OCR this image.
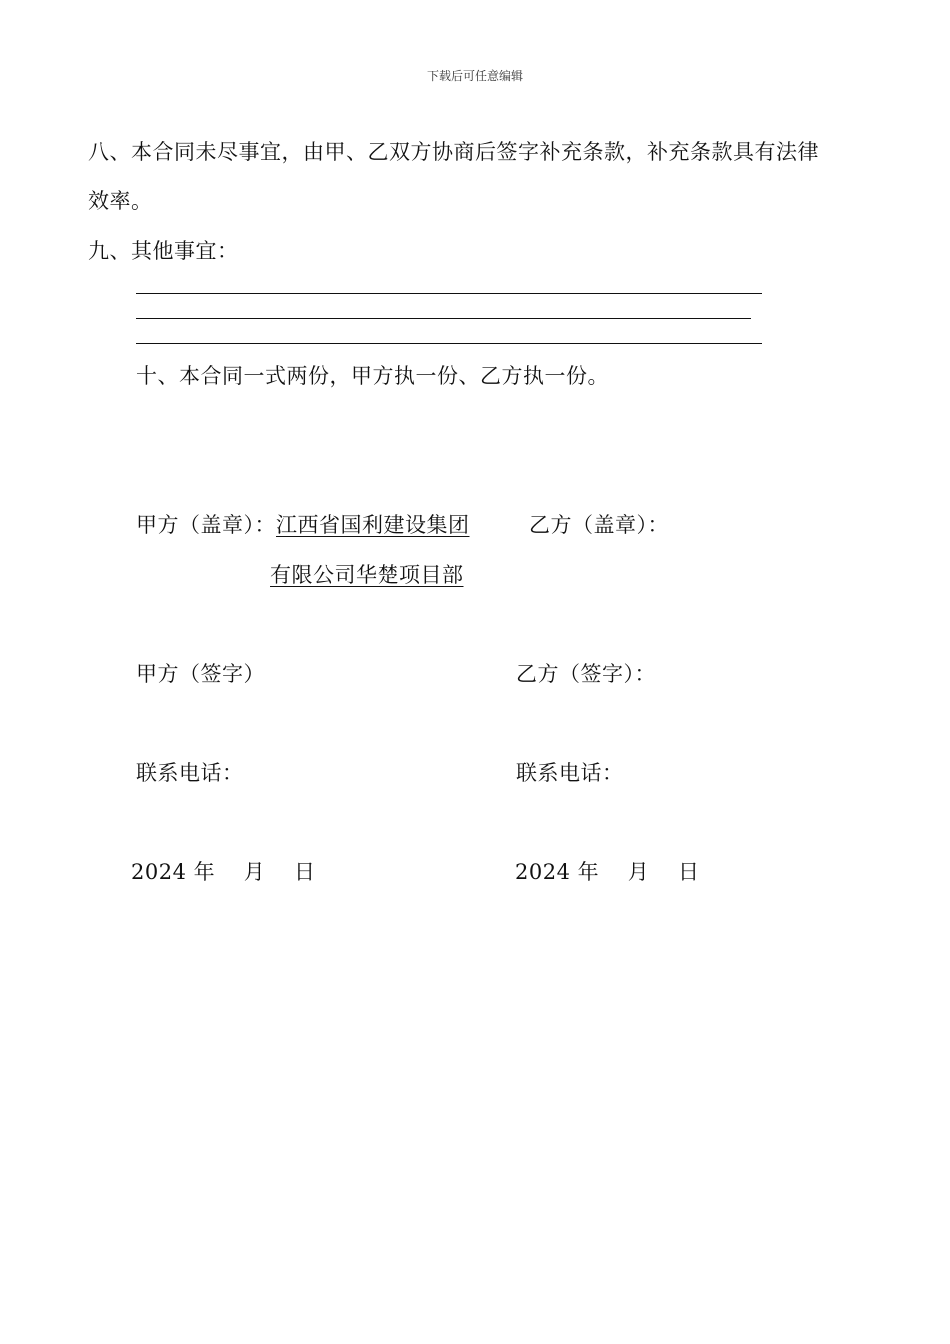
下载后可任意编辑
八、本合同未尽事宜，由甲、乙双方协商后签字补充条款，补充条款具有法律
效率。
九、其他事宜：
十、本合同一式两份，甲方执一份、乙方执一份。
甲方（盖章）：江西省国利建设集团	乙方（盖章）：
有限公司华楚项目部
甲方（签字）	乙方（签字）：
联系电话：	联系电话：
2024 年　 月　 日	2024 年　 月　 日
